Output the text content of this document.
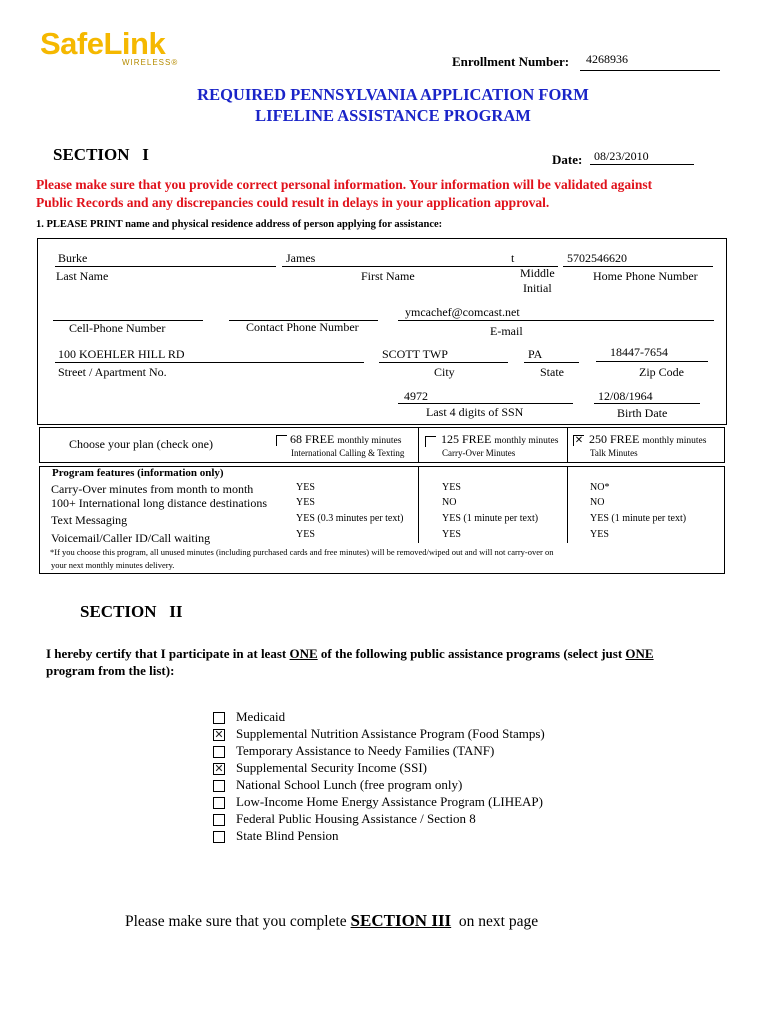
SafeLink
WIRELESS®	Enrollment Number: 4268936
REQUIRED PENNSYLVANIA APPLICATION FORM
LIFELINE ASSISTANCE PROGRAM
SECTION   I	Date: 08/23/2010
Please make sure that you provide correct personal information. Your information will be validated against
Public Records and any discrepancies could result in delays in your application approval.
1. PLEASE PRINT name and physical residence address of person applying for assistance:
Burke
Last Name
James
First Name
t
Middle
Initial
5702546620
Home Phone Number
Cell-Phone Number	Contact Phone Number
ymcachef@comcast.net
E-mail
100 KOEHLER HILL RD
Street / Apartment No.
SCOTT TWP
City
PA
State
18447-7654
Zip Code
4972
Last 4 digits of SSN
12/08/1964
Birth Date
Choose your plan (check one)	68 FREE monthly minutes
International Calling & Texting
125 FREE monthly minutes
Carry-Over Minutes
✕ 250 FREE monthly minutes
Talk Minutes
Program features (information only)
Carry-Over minutes from month to month	YES	YES	NO*
100+ International long distance destinations	YES	NO	NO
Text Messaging	YES (0.3 minutes per text)	YES (1 minute per text)	YES (1 minute per text)
Voicemail/Caller ID/Call waiting	YES	YES	YES
*If you choose this program, all unused minutes (including purchased cards and free minutes) will be removed/wiped out and will not carry-over on
your next monthly minutes delivery.
SECTION   II
I hereby certify that I participate in at least ONE of the following public assistance programs (select just ONE
program from the list):
Medicaid
✕ Supplemental Nutrition Assistance Program (Food Stamps)
Temporary Assistance to Needy Families (TANF)
✕ Supplemental Security Income (SSI)
National School Lunch (free program only)
Low-Income Home Energy Assistance Program (LIHEAP)
Federal Public Housing Assistance / Section 8
State Blind Pension
Please make sure that you complete SECTION III  on next page
